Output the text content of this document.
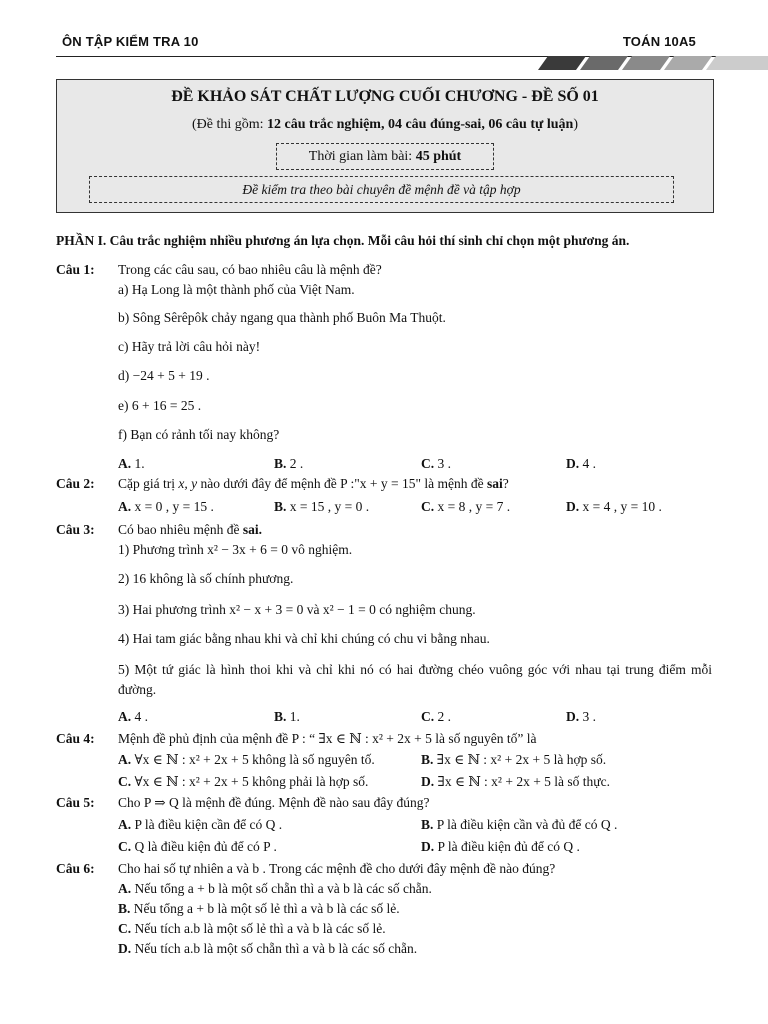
ÔN TẬP KIỂM TRA 10	TOÁN 10A5
ĐỀ KHẢO SÁT CHẤT LƯỢNG CUỐI CHƯƠNG - ĐỀ SỐ 01
(Đề thi gồm: 12 câu trắc nghiệm, 04 câu đúng-sai, 06 câu tự luận)
Thời gian làm bài: 45 phút
Đề kiểm tra theo bài chuyên đề mệnh đề và tập hợp
PHẦN I. Câu trắc nghiệm nhiều phương án lựa chọn. Mỗi câu hỏi thí sinh chỉ chọn một phương án.
Câu 1: Trong các câu sau, có bao nhiêu câu là mệnh đề?
a) Hạ Long là một thành phố của Việt Nam.
b) Sông Sêrêpôk chảy ngang qua thành phố Buôn Ma Thuột.
c) Hãy trả lời câu hỏi này!
d) −24 + 5 + 19 .
e) 6 + 16 = 25 .
f) Bạn có rảnh tối nay không?
A. 1.	B. 2 .	C. 3 .	D. 4 .
Câu 2: Cặp giá trị x, y nào dưới đây để mệnh đề P :"x + y = 15" là mệnh đề sai?
A. x = 0 , y = 15 .	B. x = 15 , y = 0 .	C. x = 8 , y = 7 .	D. x = 4 , y = 10 .
Câu 3: Có bao nhiêu mệnh đề sai.
1) Phương trình x² − 3x + 6 = 0 vô nghiệm.
2) 16 không là số chính phương.
3) Hai phương trình x² − x + 3 = 0 và x² − 1 = 0 có nghiệm chung.
4) Hai tam giác bằng nhau khi và chỉ khi chúng có chu vi bằng nhau.
5) Một tứ giác là hình thoi khi và chỉ khi nó có hai đường chéo vuông góc với nhau tại trung điểm mỗi đường.
A. 4 .	B. 1.	C. 2 .	D. 3 .
Câu 4: Mệnh đề phủ định của mệnh đề P : “ ∃x ∈ ℕ : x² + 2x + 5 là số nguyên tố” là
A. ∀x ∈ ℕ : x² + 2x + 5 không là số nguyên tố.	B. ∃x ∈ ℕ : x² + 2x + 5 là hợp số.
C. ∀x ∈ ℕ : x² + 2x + 5 không phải là hợp số.	D. ∃x ∈ ℕ : x² + 2x + 5 là số thực.
Câu 5: Cho P ⇒ Q là mệnh đề đúng. Mệnh đề nào sau đây đúng?
A. P là điều kiện cần để có Q .	B. P là điều kiện cần và đủ để có Q .
C. Q là điều kiện đủ để có P .	D. P là điều kiện đủ để có Q .
Câu 6: Cho hai số tự nhiên a và b . Trong các mệnh đề cho dưới đây mệnh đề nào đúng?
A. Nếu tổng a + b là một số chẵn thì a và b là các số chẵn.
B. Nếu tổng a + b là một số lẻ thì a và b là các số lẻ.
C. Nếu tích a.b là một số lẻ thì a và b là các số lẻ.
D. Nếu tích a.b là một số chẵn thì a và b là các số chẵn.
